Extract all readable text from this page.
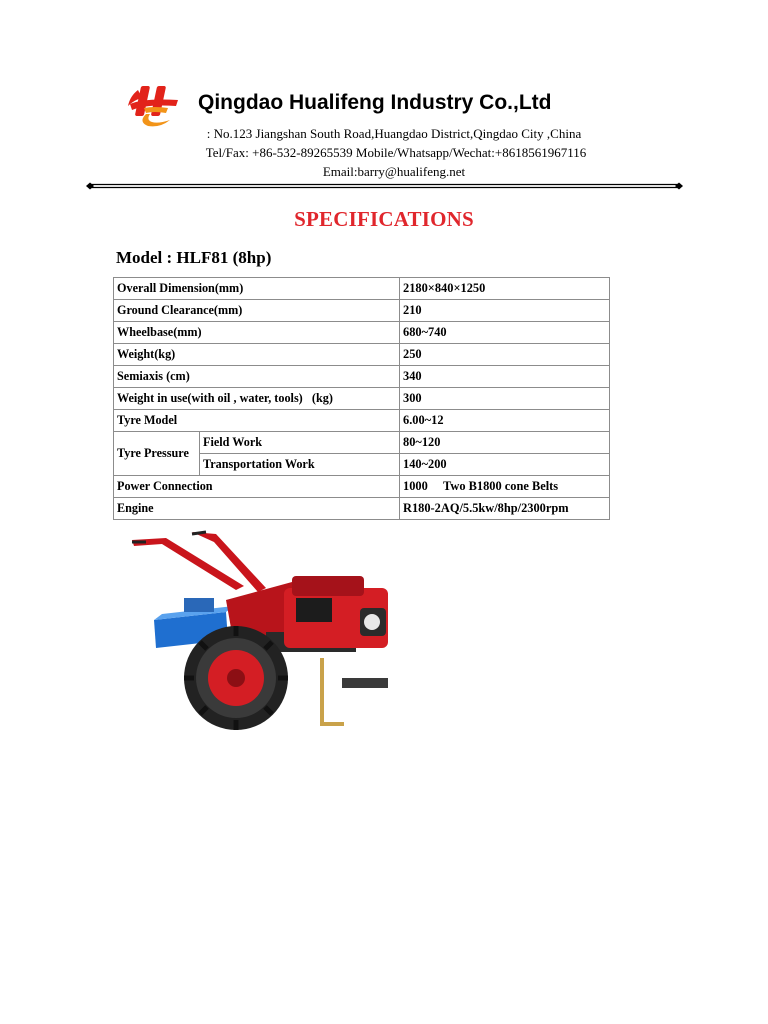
Qingdao Hualifeng Industry Co.,Ltd
: No.123 Jiangshan South Road,Huangdao District,Qingdao City ,China
Tel/Fax: +86-532-89265539 Mobile/Whatsapp/Wechat:+8618561967116
Email:barry@hualifeng.net
SPECIFICATIONS
Model : HLF81 (8hp)
Overall Dimension(mm)		2180×840×1250
Ground Clearance(mm)		210
Wheelbase(mm)		680~740
Weight(kg)		250
Semiaxis (cm)		340
Weight in use(with oil , water, tools)   (kg)		300
Tyre Model		6.00~12
Tyre Pressure	Field Work	80~120
	Transportation Work	140~200
Power Connection		1000     Two B1800 cone Belts
Engine		R180-2AQ/5.5kw/8hp/2300rpm
